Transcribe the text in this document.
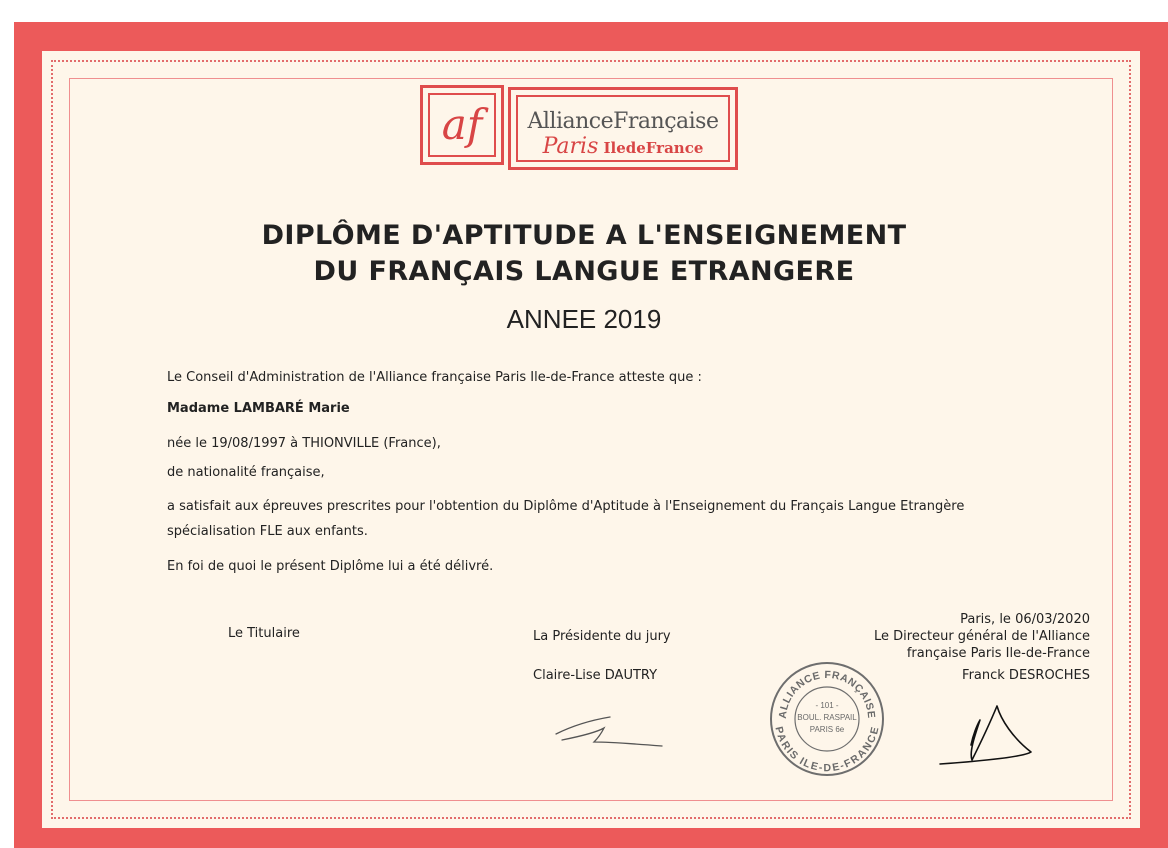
af	AllianceFrançaise
Paris IledeFrance
DIPLÔME D'APTITUDE A L'ENSEIGNEMENT
DU FRANÇAIS LANGUE ETRANGERE
ANNEE 2019
Le Conseil d'Administration de l'Alliance française Paris Ile-de-France atteste que :
Madame LAMBARÉ Marie
née le 19/08/1997 à THIONVILLE (France),
de nationalité française,
a satisfait aux épreuves prescrites pour l'obtention du Diplôme d'Aptitude à l'Enseignement du Français Langue Etrangère
spécialisation FLE aux enfants.
En foi de quoi le présent Diplôme lui a été délivré.
Le Titulaire	La Présidente du jury
Claire-Lise DAUTRY
Paris, le 06/03/2020
Le Directeur général de l'Alliance
française Paris Ile-de-France
Franck DESROCHES
ALLIANCE FRANÇAISE
PARIS ILE-DE-FRANCE
- 101 -
BOUL. RASPAIL
PARIS 6e
